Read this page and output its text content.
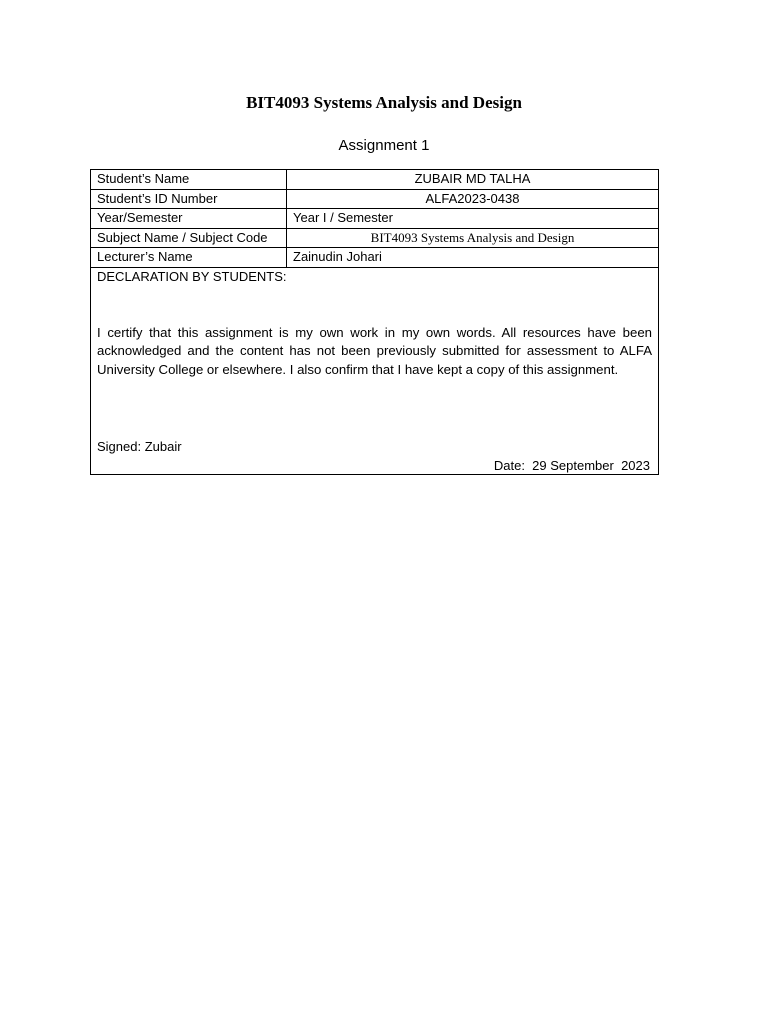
BIT4093 Systems Analysis and Design
Assignment 1
Student’s Name	ZUBAIR MD TALHA
Student’s ID Number	ALFA2023-0438
Year/Semester	Year I / Semester
Subject Name / Subject Code	BIT4093 Systems Analysis and Design
Lecturer’s Name	Zainudin Johari

DECLARATION BY STUDENTS:
I certify that this assignment is my own work in my own words. All resources have been acknowledged and the content has not been previously submitted for assessment to ALFA University College or elsewhere. I also confirm that I have kept a copy of this assignment.
Signed: Zubair
Date:  29 September  2023	
